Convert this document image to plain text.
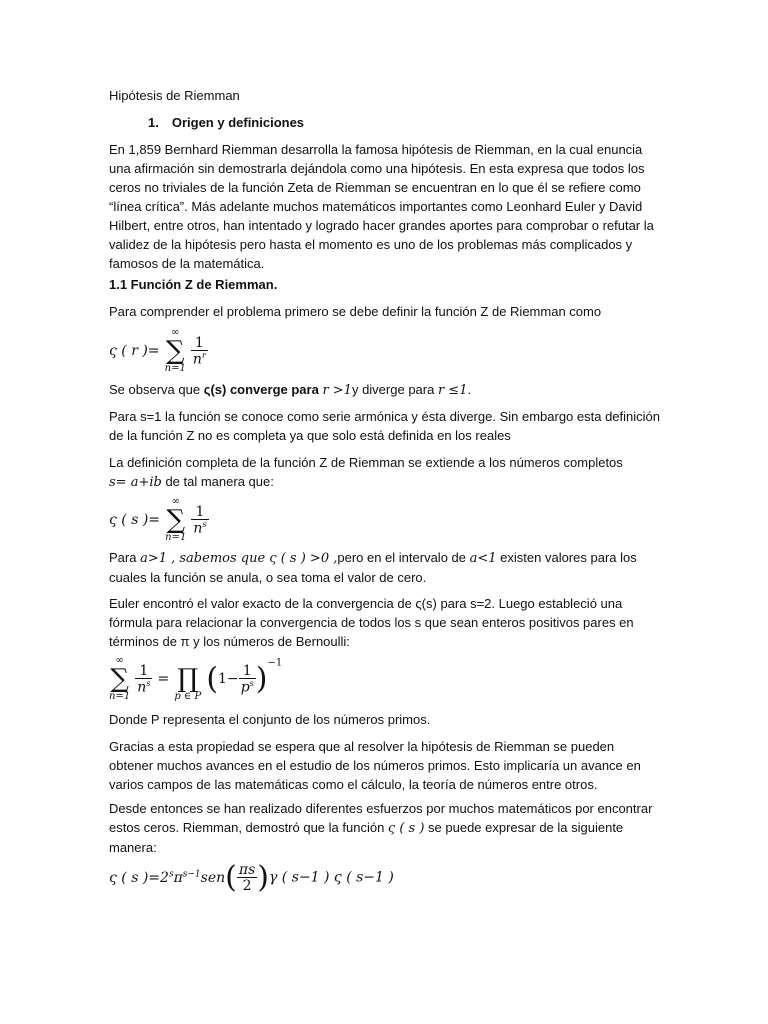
Hipótesis de Riemman

1. Origen y definiciones

En 1,859 Bernhard Riemman desarrolla la famosa hipótesis de Riemman, en la cual enuncia una afirmación sin demostrarla dejándola como una hipótesis. En esta expresa que todos los ceros no triviales de la función Zeta de Riemman se encuentran en lo que él se refiere como “línea crítica”. Más adelante muchos matemáticos importantes como Leonhard Euler y David Hilbert, entre otros, han intentado y logrado hacer grandes aportes para comprobar o refutar la validez de la hipótesis pero hasta el momento es uno de los problemas más complicados y famosos de la matemática.

1.1 Función Z de Riemman.

Para comprender el problema primero se debe definir la función Z de Riemman como

ς ( r )=
∞
∑
n=1

$\frac{1}{n^r}$

Se observa que ς(s) converge para r >1y diverge para r ≤1.

Para s=1 la función se conoce como serie armónica y ésta diverge. Sin embargo esta definición de la función Z no es completa ya que solo está definida en los reales

La definición completa de la función Z de Riemman se extiende a los números completos

s= a+ib de tal manera que:

ς ( s )=
∞
∑
n=1

$\frac{1}{n^s}$

Para a>1 , sabemos que ς ( s ) >0 ,pero en el intervalo de a<1 existen valores para los cuales la función se anula, o sea toma el valor de cero.

Euler encontró el valor exacto de la convergencia de ς(s) para s=2. Luego estableció una fórmula para relacionar la convergencia de todos los s que sean enteros positivos pares en términos de π y los números de Bernoulli:

∞
∑
n=1

$\frac{1}{n^s}$ =
∏
p ∈ P $(1- \frac{1}{p^s} )^{-1}$

Donde P representa el conjunto de los números primos.

Gracias a esta propiedad se espera que al resolver la hipótesis de Riemman se pueden obtener muchos avances en el estudio de los números primos. Esto implicaría un avance en varios campos de las matemáticas como el cálculo, la teoría de números entre otros.

Desde entonces se han realizado diferentes esfuerzos por muchos matemáticos por encontrar estos ceros. Riemman, demostró que la función ς ( s ) se puede expresar de la siguiente manera:

ς ( s )$=2^s\pi^{s-1}sen( \frac{\pi s}{2} )\gamma$ ( s−1 ) ς ( s−1 )
